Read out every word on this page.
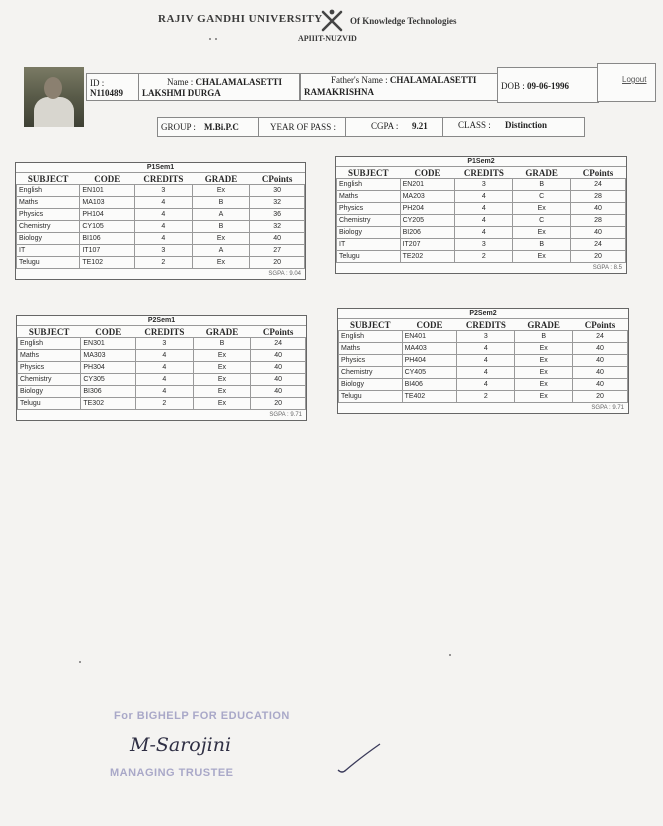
RAJIV GANDHI UNIVERSITY	Of Knowledge Technologies
APIIIT-NUZVID
ID :
N110489
Name : CHALAMALASETTI
LAKSHMI DURGA
Father's Name : CHALAMALASETTI
RAMAKRISHNA
DOB : 09-06-1996
Logout
GROUP : M.Bi.P.C	YEAR OF PASS :	CGPA : 9.21	CLASS : Distinction
P1Sem1
SUBJECT	CODE	CREDITS	GRADE	CPoints
English	EN101	3	Ex	30
Maths	MA103	4	B	32
Physics	PH104	4	A	36
Chemistry	CY105	4	B	32
Biology	BI106	4	Ex	40
IT	IT107	3	A	27
Telugu	TE102	2	Ex	20
SGPA : 9.04
P1Sem2
SUBJECT	CODE	CREDITS	GRADE	CPoints
English	EN201	3	B	24
Maths	MA203	4	C	28
Physics	PH204	4	Ex	40
Chemistry	CY205	4	C	28
Biology	BI206	4	Ex	40
IT	IT207	3	B	24
Telugu	TE202	2	Ex	20
SGPA : 8.5
P2Sem1
SUBJECT	CODE	CREDITS	GRADE	CPoints
English	EN301	3	B	24
Maths	MA303	4	Ex	40
Physics	PH304	4	Ex	40
Chemistry	CY305	4	Ex	40
Biology	BI306	4	Ex	40
Telugu	TE302	2	Ex	20
SGPA : 9.71
P2Sem2
SUBJECT	CODE	CREDITS	GRADE	CPoints
English	EN401	3	B	24
Maths	MA403	4	Ex	40
Physics	PH404	4	Ex	40
Chemistry	CY405	4	Ex	40
Biology	BI406	4	Ex	40
Telugu	TE402	2	Ex	20
SGPA : 9.71
For BIGHELP FOR EDUCATION
M-Sarojini
MANAGING TRUSTEE
